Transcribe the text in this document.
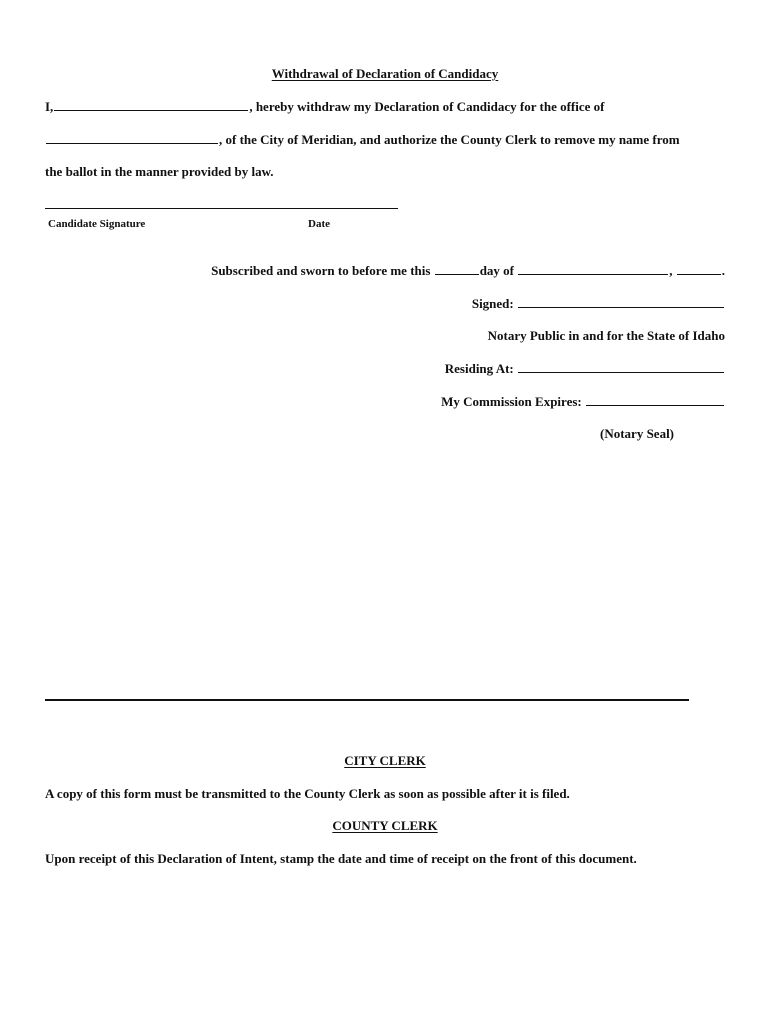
Withdrawal of Declaration of Candidacy
I,	, hereby withdraw my Declaration of Candidacy for the office of
, of the City of Meridian, and authorize the County Clerk to remove my name from
the ballot in the manner provided by law.
Candidate Signature	Date
Subscribed and sworn to before me this	day of	,	.
Signed:
Notary Public in and for the State of Idaho
Residing At:
My Commission Expires:
(Notary Seal)
CITY CLERK
A copy of this form must be transmitted to the County Clerk as soon as possible after it is filed.
COUNTY CLERK
Upon receipt of this Declaration of Intent, stamp the date and time of receipt on the front of this document.
